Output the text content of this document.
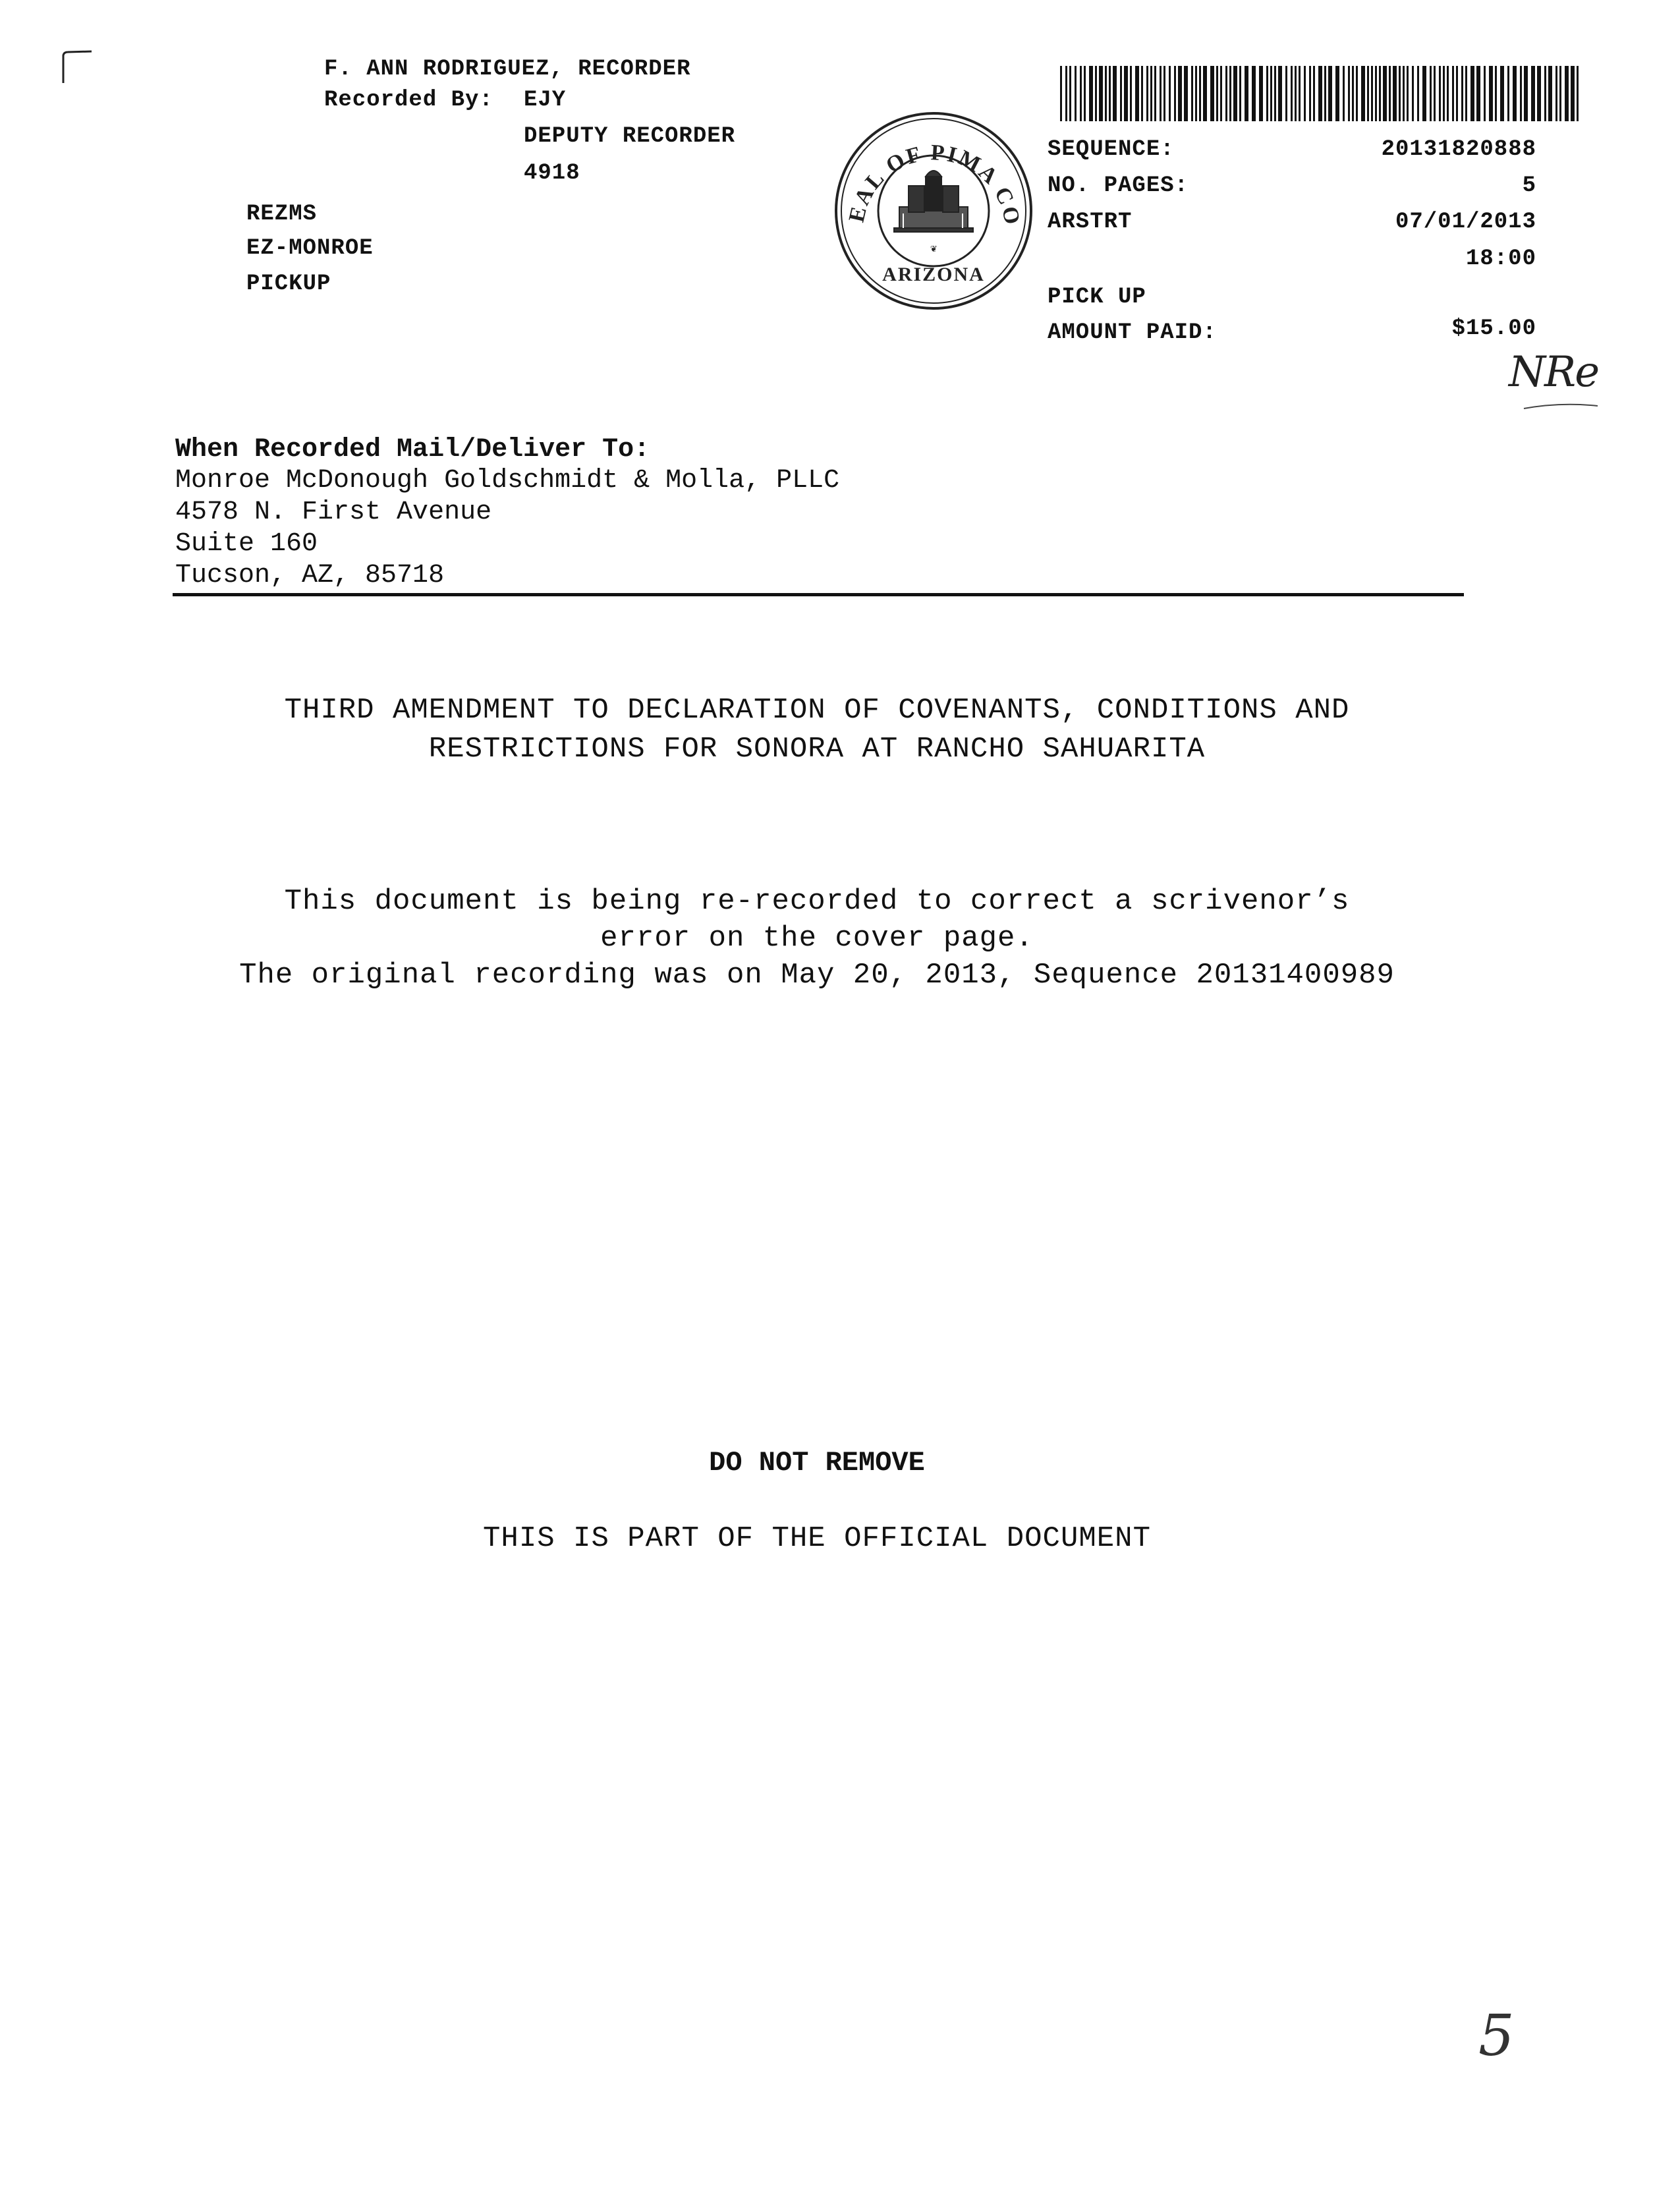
F. ANN RODRIGUEZ, RECORDER
Recorded By: EJY
DEPUTY RECORDER
4918
REZMS
EZ-MONROE
PICKUP

EAL OF PIMA CO
ARIZONA
❦

SEQUENCE:	20131820888
NO. PAGES:	5
ARSTRT	07/01/2013
18:00
PICK UP
AMOUNT PAID:	$15.00
NRe

When Recorded Mail/Deliver To:
Monroe McDonough Goldschmidt & Molla, PLLC
4578 N. First Avenue
Suite 160
Tucson, AZ, 85718
THIRD AMENDMENT TO DECLARATION OF COVENANTS, CONDITIONS AND
RESTRICTIONS FOR SONORA AT RANCHO SAHUARITA
This document is being re-recorded to correct a scrivenor’s
error on the cover page.
The original recording was on May 20, 2013, Sequence 20131400989
DO NOT REMOVE
THIS IS PART OF THE OFFICIAL DOCUMENT
5
